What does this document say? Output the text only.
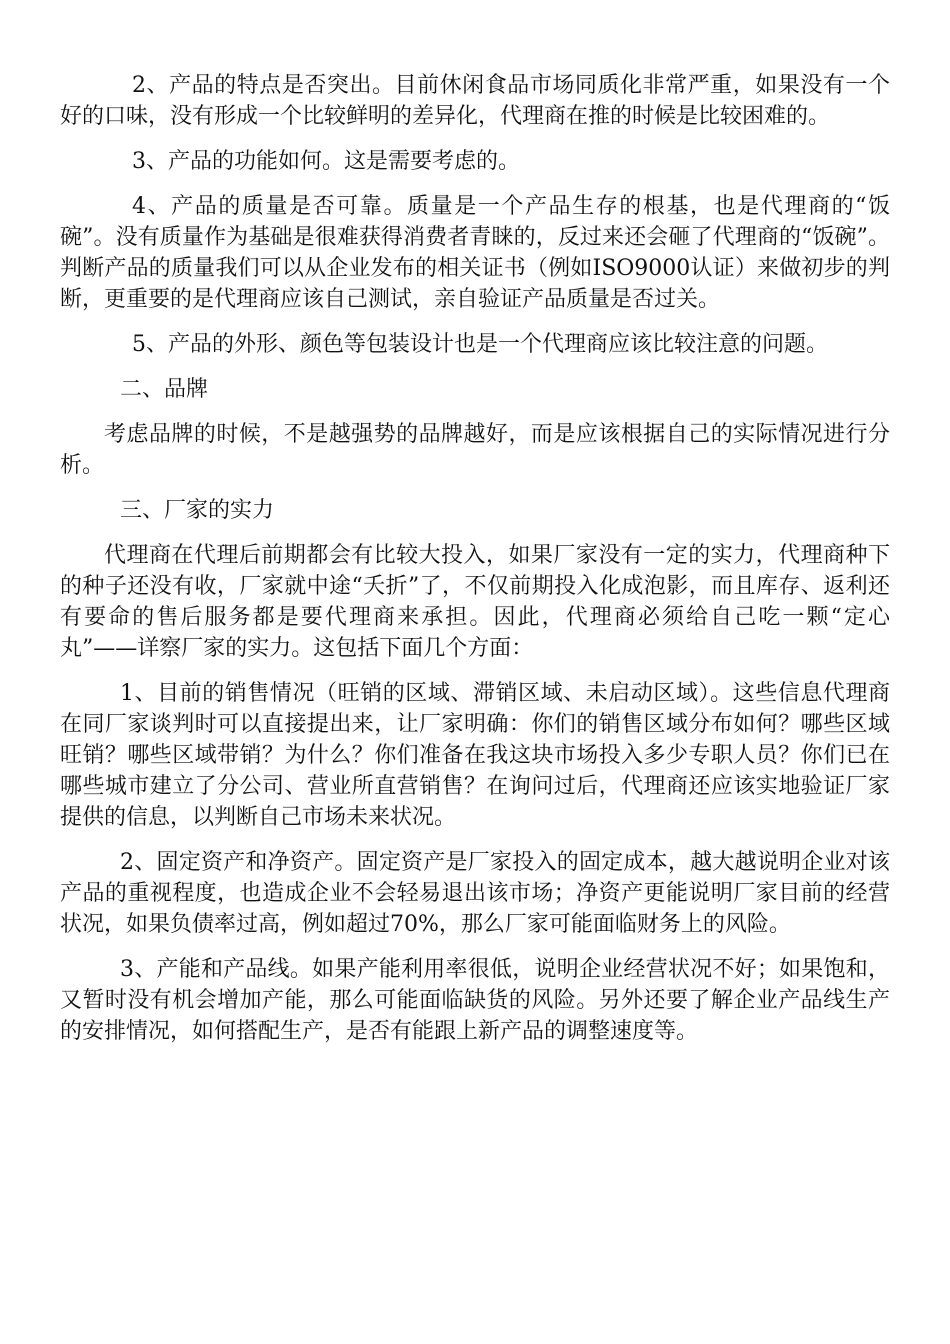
2、产品的特点是否突出。目前休闲食品市场同质化非常严重，如果没有一个好的口味，没有形成一个比较鲜明的差异化，代理商在推的时候是比较困难的。

3、产品的功能如何。这是需要考虑的。

4、产品的质量是否可靠。质量是一个产品生存的根基，也是代理商的“饭碗”。没有质量作为基础是很难获得消费者青睐的，反过来还会砸了代理商的“饭碗”。判断产品的质量我们可以从企业发布的相关证书（例如ISO9000认证）来做初步的判断，更重要的是代理商应该自己测试，亲自验证产品质量是否过关。

5、产品的外形、颜色等包装设计也是一个代理商应该比较注意的问题。

二、品牌

考虑品牌的时候，不是越强势的品牌越好，而是应该根据自己的实际情况进行分析。

三、厂家的实力

代理商在代理后前期都会有比较大投入，如果厂家没有一定的实力，代理商种下的种子还没有收，厂家就中途“夭折”了，不仅前期投入化成泡影，而且库存、返利还有要命的售后服务都是要代理商来承担。因此，代理商必须给自己吃一颗“定心丸”——详察厂家的实力。这包括下面几个方面：

1、目前的销售情况（旺销的区域、滞销区域、未启动区域）。这些信息代理商在同厂家谈判时可以直接提出来，让厂家明确：你们的销售区域分布如何？哪些区域旺销？哪些区域带销？为什么？你们准备在我这块市场投入多少专职人员？你们已在哪些城市建立了分公司、营业所直营销售？在询问过后，代理商还应该实地验证厂家提供的信息，以判断自己市场未来状况。

2、固定资产和净资产。固定资产是厂家投入的固定成本，越大越说明企业对该产品的重视程度，也造成企业不会轻易退出该市场；净资产更能说明厂家目前的经营状况，如果负债率过高，例如超过70%，那么厂家可能面临财务上的风险。

3、产能和产品线。如果产能利用率很低，说明企业经营状况不好；如果饱和，又暂时没有机会增加产能，那么可能面临缺货的风险。另外还要了解企业产品线生产的安排情况，如何搭配生产，是否有能跟上新产品的调整速度等。
